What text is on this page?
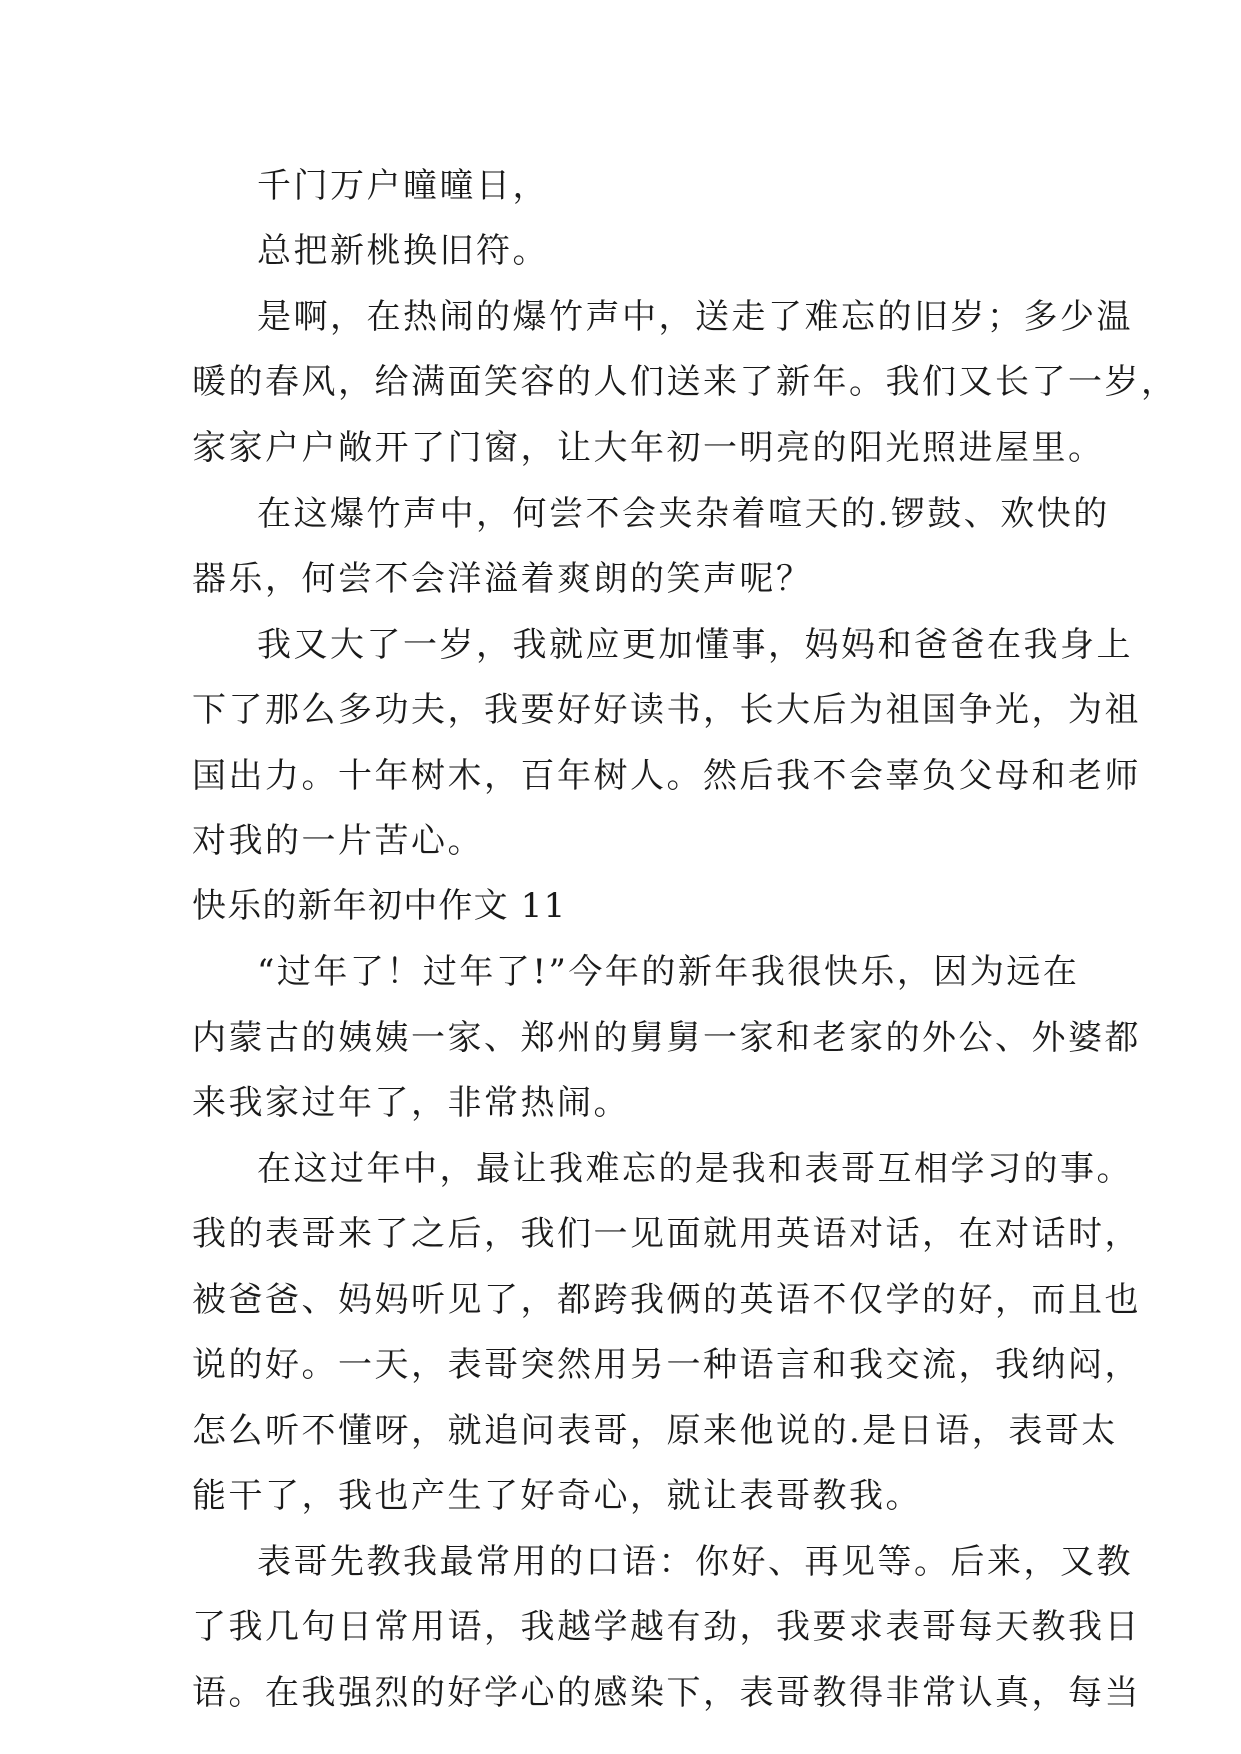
千门万户曈曈日，
总把新桃换旧符。
是啊，在热闹的爆竹声中，送走了难忘的旧岁；多少温
暖的春风，给满面笑容的人们送来了新年。我们又长了一岁，
家家户户敞开了门窗，让大年初一明亮的阳光照进屋里。
在这爆竹声中，何尝不会夹杂着喧天的.锣鼓、欢快的
器乐，何尝不会洋溢着爽朗的笑声呢？
我又大了一岁，我就应更加懂事，妈妈和爸爸在我身上
下了那么多功夫，我要好好读书，长大后为祖国争光，为祖
国出力。十年树木，百年树人。然后我不会辜负父母和老师
对我的一片苦心。
快乐的新年初中作文 11
“过年了！过年了!”今年的新年我很快乐，因为远在
内蒙古的姨姨一家、郑州的舅舅一家和老家的外公、外婆都
来我家过年了，非常热闹。
在这过年中，最让我难忘的是我和表哥互相学习的事。
我的表哥来了之后，我们一见面就用英语对话，在对话时，
被爸爸、妈妈听见了，都跨我俩的英语不仅学的好，而且也
说的好。一天，表哥突然用另一种语言和我交流，我纳闷，
怎么听不懂呀，就追问表哥，原来他说的.是日语，表哥太
能干了，我也产生了好奇心，就让表哥教我。
表哥先教我最常用的口语：你好、再见等。后来，又教
了我几句日常用语，我越学越有劲，我要求表哥每天教我日
语。在我强烈的好学心的感染下，表哥教得非常认真，每当
